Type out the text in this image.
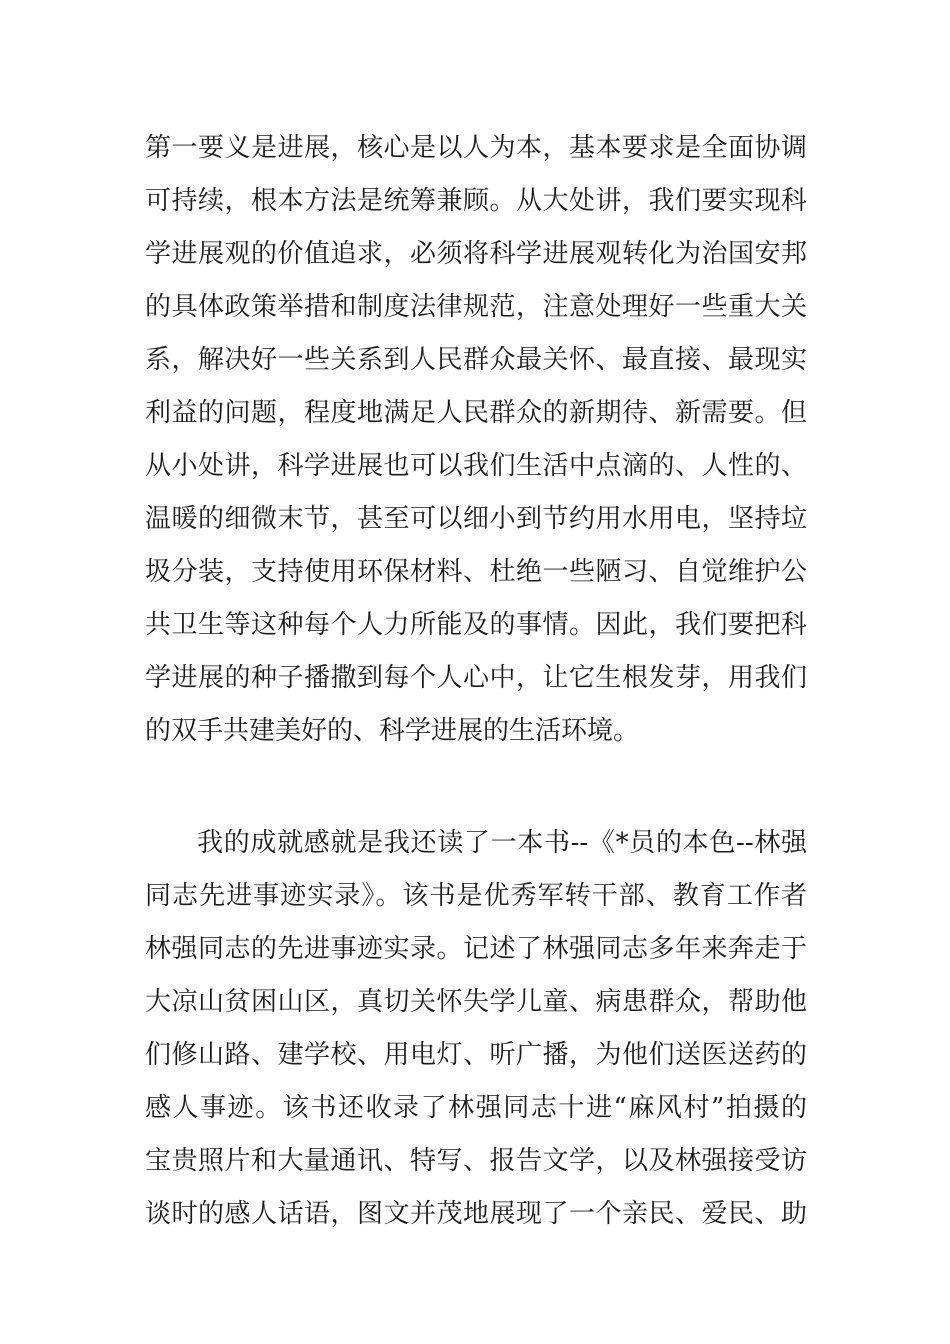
第一要义是进展，核心是以人为本，基本要求是全面协调
可持续，根本方法是统筹兼顾。从大处讲，我们要实现科
学进展观的价值追求，必须将科学进展观转化为治国安邦
的具体政策举措和制度法律规范，注意处理好一些重大关
系，解决好一些关系到人民群众最关怀、最直接、最现实
利益的问题，程度地满足人民群众的新期待、新需要。但
从小处讲，科学进展也可以我们生活中点滴的、人性的、
温暖的细微末节，甚至可以细小到节约用水用电，坚持垃
圾分装，支持使用环保材料、杜绝一些陋习、自觉维护公
共卫生等这种每个人力所能及的事情。因此，我们要把科
学进展的种子播撒到每个人心中，让它生根发芽，用我们
的双手共建美好的、科学进展的生活环境。
我的成就感就是我还读了一本书--《*员的本色--林强
同志先进事迹实录》。该书是优秀军转干部、教育工作者
林强同志的先进事迹实录。记述了林强同志多年来奔走于
大凉山贫困山区，真切关怀失学儿童、病患群众，帮助他
们修山路、建学校、用电灯、听广播，为他们送医送药的
感人事迹。该书还收录了林强同志十进“麻风村”拍摄的
宝贵照片和大量通讯、特写、报告文学，以及林强接受访
谈时的感人话语，图文并茂地展现了一个亲民、爱民、助
